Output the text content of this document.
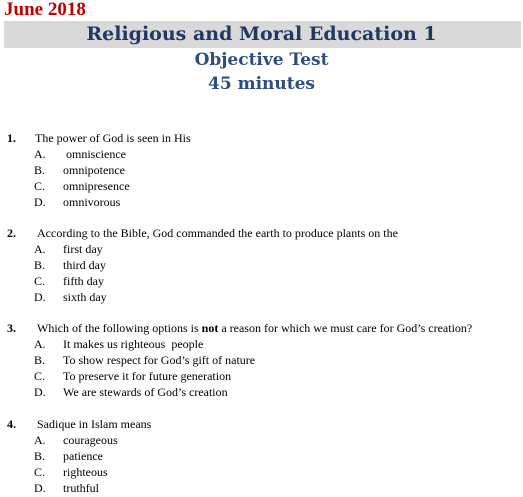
June 2018
Religious and Moral Education 1
Objective Test
45 minutes
1. The power of God is seen in His
A.	omniscience
B.	omnipotence
C.	omnipresence
D.	omnivorous
2. According to the Bible, God commanded the earth to produce plants on the
A.	first day
B.	third day
C.	fifth day
D.	sixth day
3. Which of the following options is not a reason for which we must care for God’s creation?
A.	It makes us righteous  people
B.	To show respect for God’s gift of nature
C.	To preserve it for future generation
D.	We are stewards of God’s creation
4. Sadique in Islam means
A.	courageous
B.	patience
C.	righteous
D.	truthful
